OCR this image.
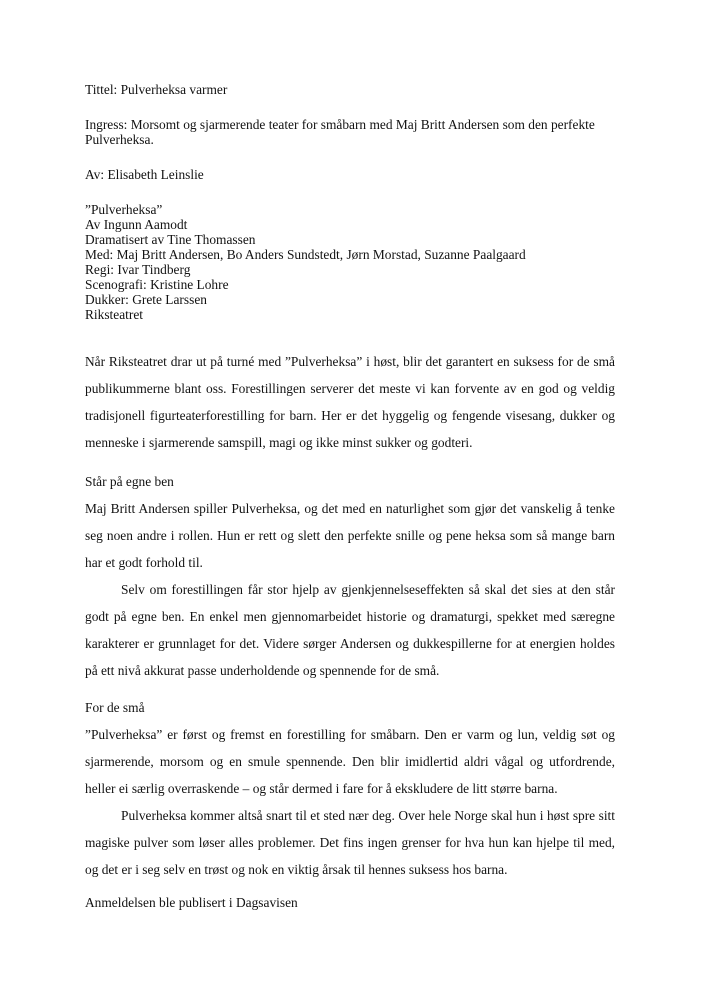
Tittel: Pulverheksa varmer

Ingress: Morsomt og sjarmerende teater for småbarn med Maj Britt Andersen som den perfekte Pulverheksa.

Av: Elisabeth Leinslie

”Pulverheksa”

Av Ingunn Aamodt

Dramatisert av Tine Thomassen

Med: Maj Britt Andersen, Bo Anders Sundstedt, Jørn Morstad, Suzanne Paalgaard

Regi: Ivar Tindberg

Scenografi: Kristine Lohre

Dukker: Grete Larssen

Riksteatret

Når Riksteatret drar ut på turné med ”Pulverheksa” i høst, blir det garantert en suksess for de små publikummerne blant oss. Forestillingen serverer det meste vi kan forvente av en god og veldig tradisjonell figurteaterforestilling for barn. Her er det hyggelig og fengende visesang, dukker og menneske i sjarmerende samspill, magi og ikke minst sukker og godteri.

Står på egne ben

Maj Britt Andersen spiller Pulverheksa, og det med en naturlighet som gjør det vanskelig å tenke seg noen andre i rollen. Hun er rett og slett den perfekte snille og pene heksa som så mange barn har et godt forhold til.

Selv om forestillingen får stor hjelp av gjenkjennelseseffekten så skal det sies at den står godt på egne ben. En enkel men gjennomarbeidet historie og dramaturgi, spekket med særegne karakterer er grunnlaget for det. Videre sørger Andersen og dukkespillerne for at energien holdes på ett nivå akkurat passe underholdende og spennende for de små.

For de små

”Pulverheksa” er først og fremst en forestilling for småbarn. Den er varm og lun, veldig søt og sjarmerende, morsom og en smule spennende. Den blir imidlertid aldri vågal og utfordrende, heller ei særlig overraskende – og står dermed i fare for å ekskludere de litt større barna.

Pulverheksa kommer altså snart til et sted nær deg. Over hele Norge skal hun i høst spre sitt magiske pulver som løser alles problemer. Det fins ingen grenser for hva hun kan hjelpe til med, og det er i seg selv en trøst og nok en viktig årsak til hennes suksess hos barna.

Anmeldelsen ble publisert i Dagsavisen
